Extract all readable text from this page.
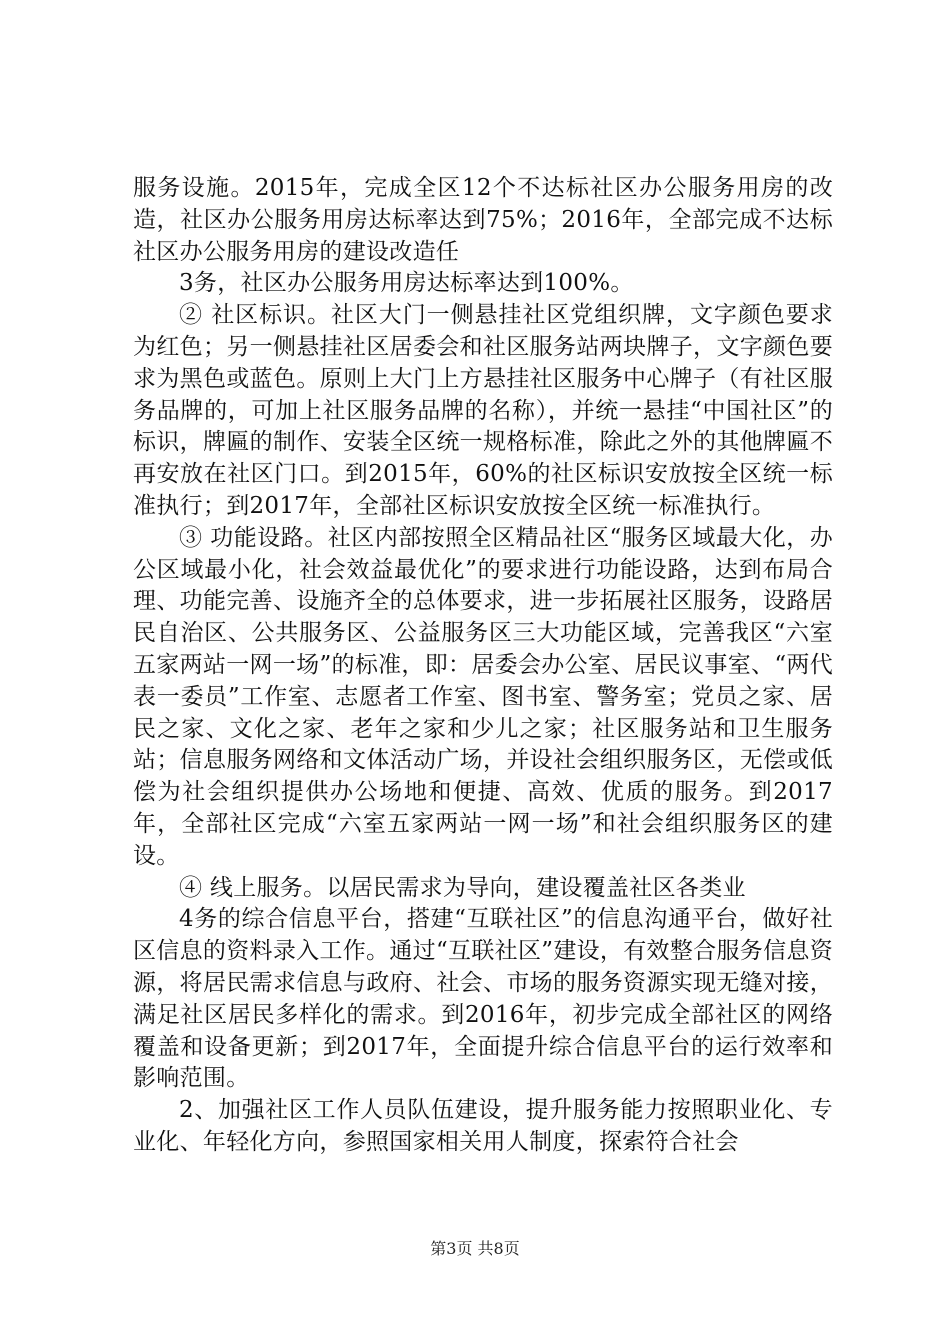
服务设施。2015年，完成全区12个不达标社区办公服务用房的改造，社区办公服务用房达标率达到75%；2016年，全部完成不达标社区办公服务用房的建设改造任

3务，社区办公服务用房达标率达到100%。

② 社区标识。社区大门一侧悬挂社区党组织牌，文字颜色要求为红色；另一侧悬挂社区居委会和社区服务站两块牌子，文字颜色要求为黑色或蓝色。原则上大门上方悬挂社区服务中心牌子（有社区服务品牌的，可加上社区服务品牌的名称），并统一悬挂“中国社区”的标识，牌匾的制作、安装全区统一规格标准，除此之外的其他牌匾不再安放在社区门口。到2015年，60%的社区标识安放按全区统一标准执行；到2017年，全部社区标识安放按全区统一标准执行。

③ 功能设路。社区内部按照全区精品社区“服务区域最大化，办公区域最小化，社会效益最优化”的要求进行功能设路，达到布局合理、功能完善、设施齐全的总体要求，进一步拓展社区服务，设路居民自治区、公共服务区、公益服务区三大功能区域，完善我区“六室五家两站一网一场”的标准，即：居委会办公室、居民议事室、“两代表一委员”工作室、志愿者工作室、图书室、警务室；党员之家、居民之家、文化之家、老年之家和少儿之家；社区服务站和卫生服务站；信息服务网络和文体活动广场，并设社会组织服务区，无偿或低偿为社会组织提供办公场地和便捷、高效、优质的服务。到2017年，全部社区完成“六室五家两站一网一场”和社会组织服务区的建设。

④ 线上服务。以居民需求为导向，建设覆盖社区各类业

4务的综合信息平台，搭建“互联社区”的信息沟通平台，做好社区信息的资料录入工作。通过“互联社区”建设，有效整合服务信息资源，将居民需求信息与政府、社会、市场的服务资源实现无缝对接，满足社区居民多样化的需求。到2016年，初步完成全部社区的网络覆盖和设备更新；到2017年，全面提升综合信息平台的运行效率和影响范围。

2、加强社区工作人员队伍建设，提升服务能力按照职业化、专业化、年轻化方向，参照国家相关用人制度，探索符合社会

第3页 共8页
